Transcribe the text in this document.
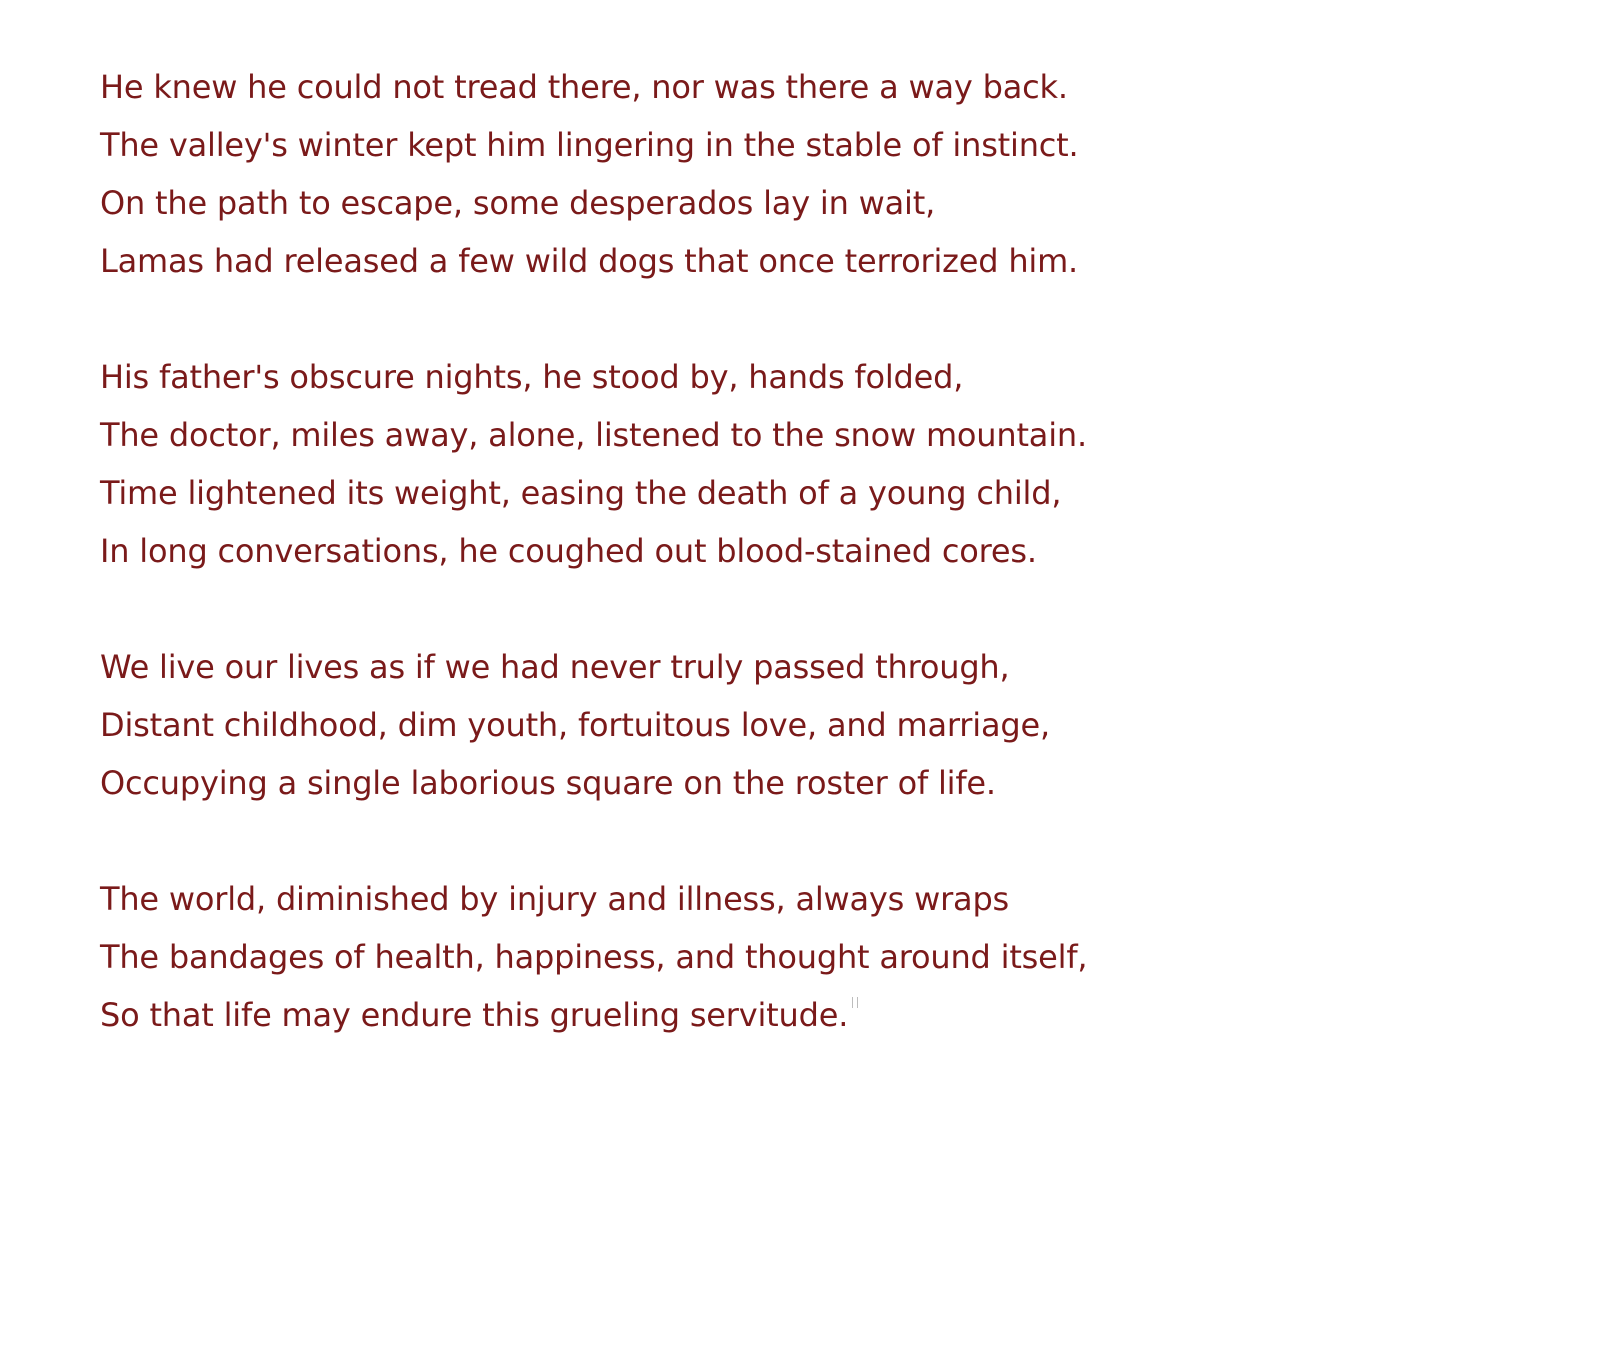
He knew he could not tread there, nor was there a way back.
The valley's winter kept him lingering in the stable of instinct.
On the path to escape, some desperados lay in wait,
Lamas had released a few wild dogs that once terrorized him.
His father's obscure nights, he stood by, hands folded,
The doctor, miles away, alone, listened to the snow mountain.
Time lightened its weight, easing the death of a young child,
In long conversations, he coughed out blood-stained cores.
We live our lives as if we had never truly passed through,
Distant childhood, dim youth, fortuitous love, and marriage,
Occupying a single laborious square on the roster of life.
The world, diminished by injury and illness, always wraps
The bandages of health, happiness, and thought around itself,
So that life may endure this grueling servitude.
